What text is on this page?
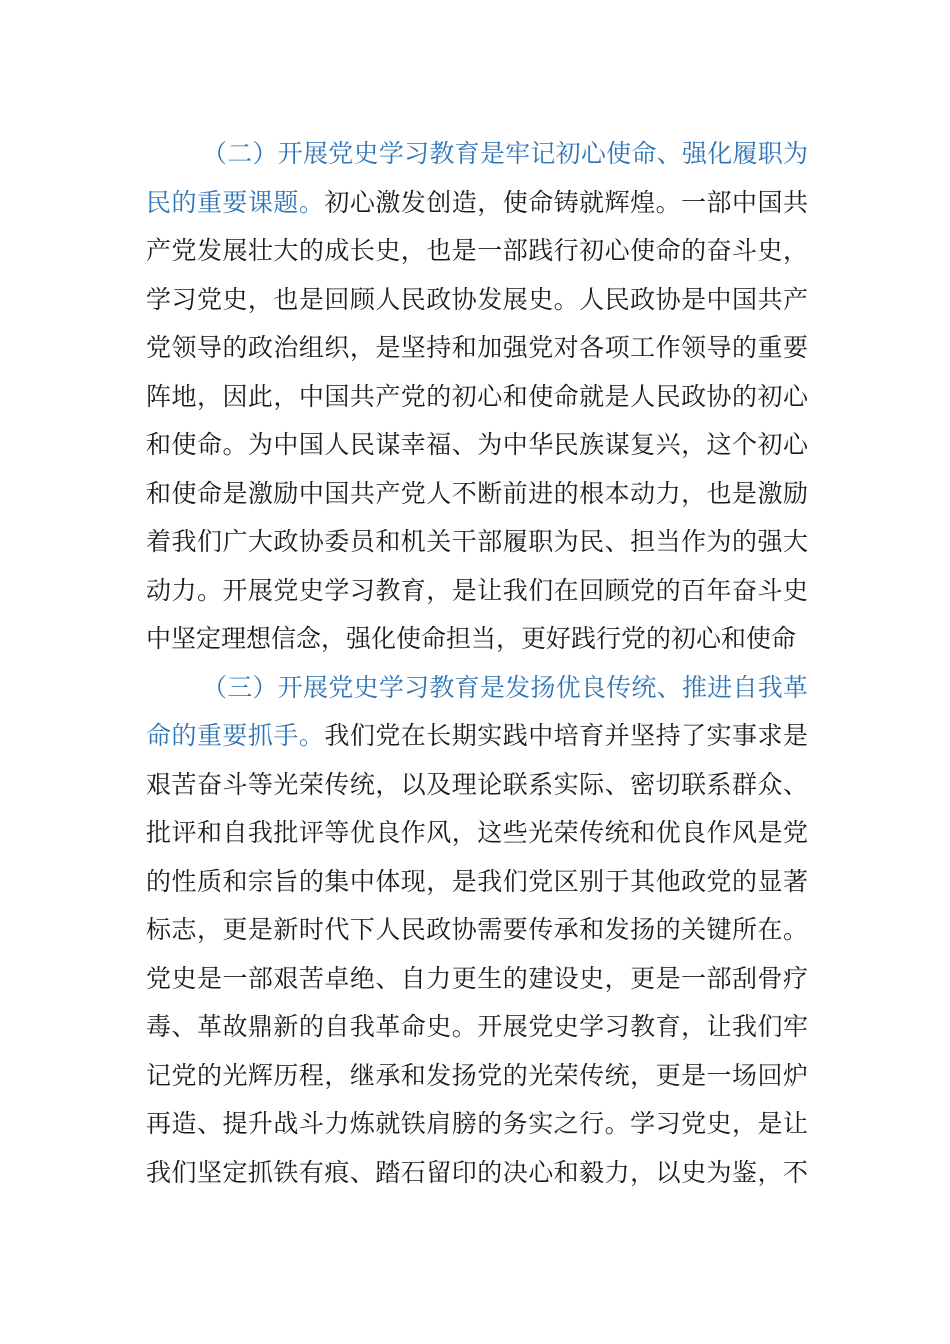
（二）开展党史学习教育是牢记初心使命、强化履职为
民的重要课题。初心激发创造，使命铸就辉煌。一部中国共
产党发展壮大的成长史，也是一部践行初心使命的奋斗史，
学习党史，也是回顾人民政协发展史。人民政协是中国共产
党领导的政治组织，是坚持和加强党对各项工作领导的重要
阵地，因此，中国共产党的初心和使命就是人民政协的初心
和使命。为中国人民谋幸福、为中华民族谋复兴，这个初心
和使命是激励中国共产党人不断前进的根本动力，也是激励
着我们广大政协委员和机关干部履职为民、担当作为的强大
动力。开展党史学习教育，是让我们在回顾党的百年奋斗史
中坚定理想信念，强化使命担当，更好践行党的初心和使命
（三）开展党史学习教育是发扬优良传统、推进自我革
命的重要抓手。我们党在长期实践中培育并坚持了实事求是
艰苦奋斗等光荣传统，以及理论联系实际、密切联系群众、
批评和自我批评等优良作风，这些光荣传统和优良作风是党
的性质和宗旨的集中体现，是我们党区别于其他政党的显著
标志，更是新时代下人民政协需要传承和发扬的关键所在。
党史是一部艰苦卓绝、自力更生的建设史，更是一部刮骨疗
毒、革故鼎新的自我革命史。开展党史学习教育，让我们牢
记党的光辉历程，继承和发扬党的光荣传统，更是一场回炉
再造、提升战斗力炼就铁肩膀的务实之行。学习党史，是让
我们坚定抓铁有痕、踏石留印的决心和毅力，以史为鉴，不
